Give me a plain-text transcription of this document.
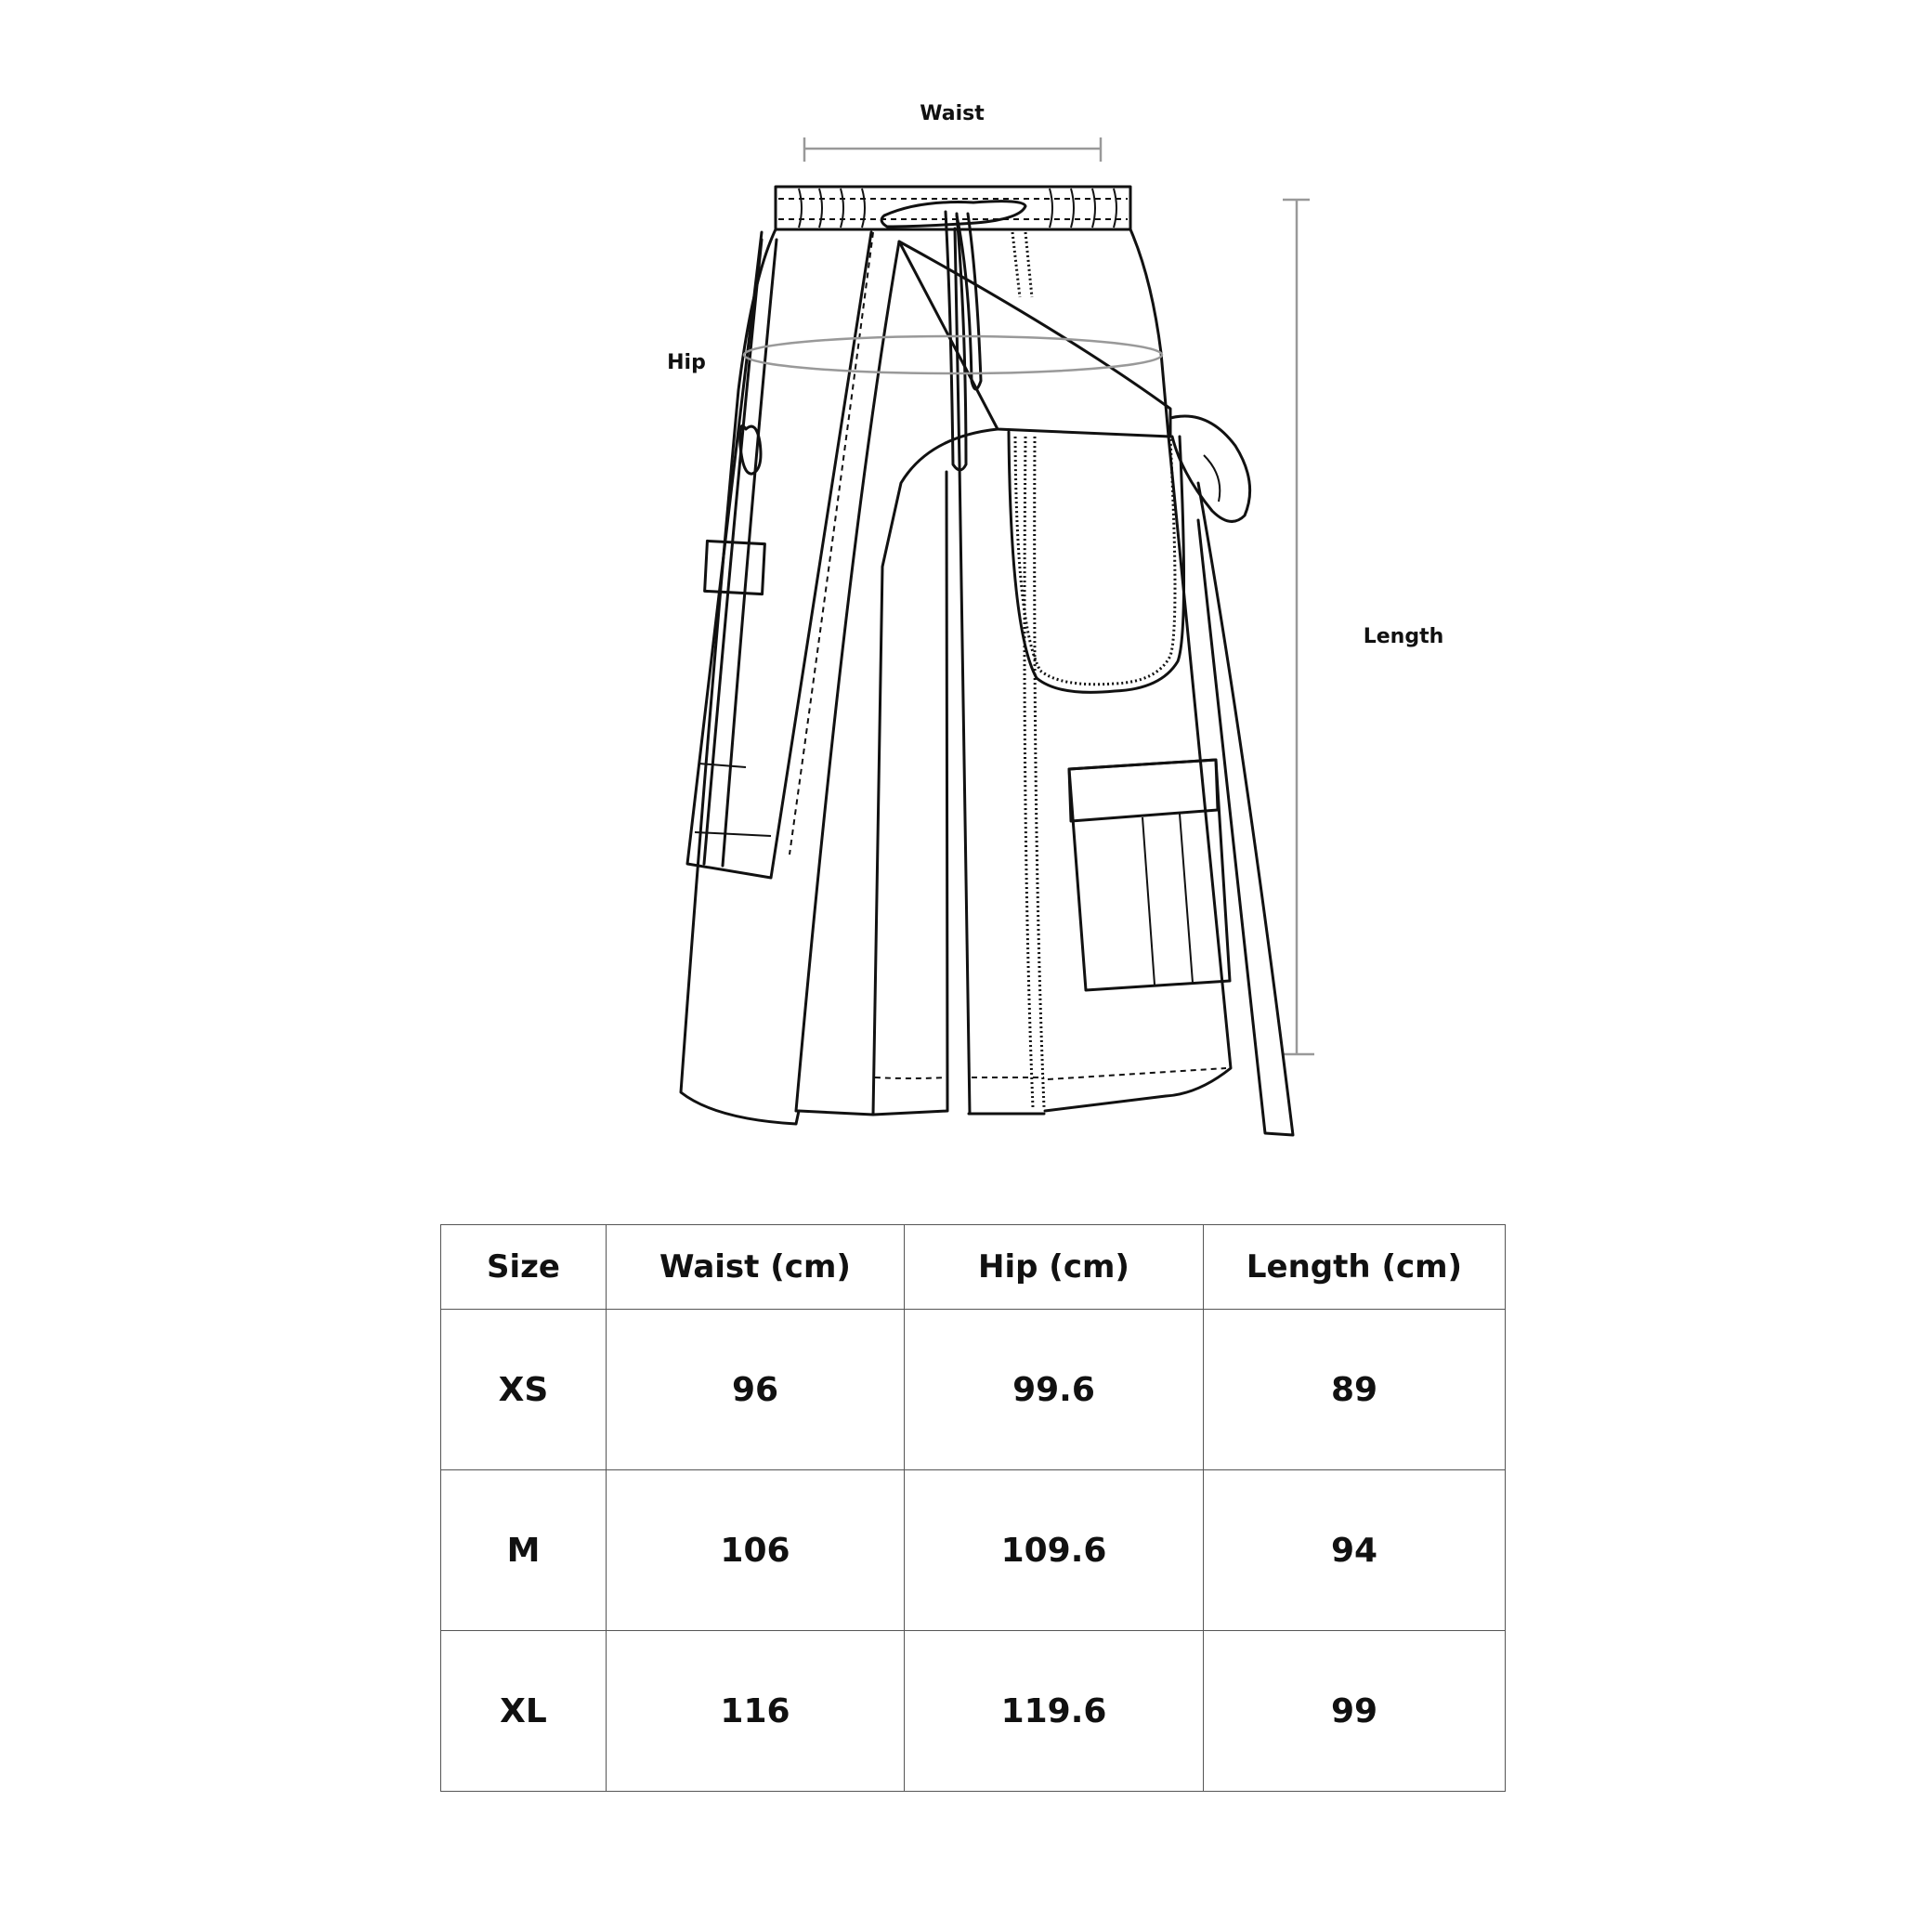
Waist
Hip
Length
Size	Waist (cm)	Hip (cm)	Length (cm)
XS	96	99.6	89
M	106	109.6	94
XL	116	119.6	99
